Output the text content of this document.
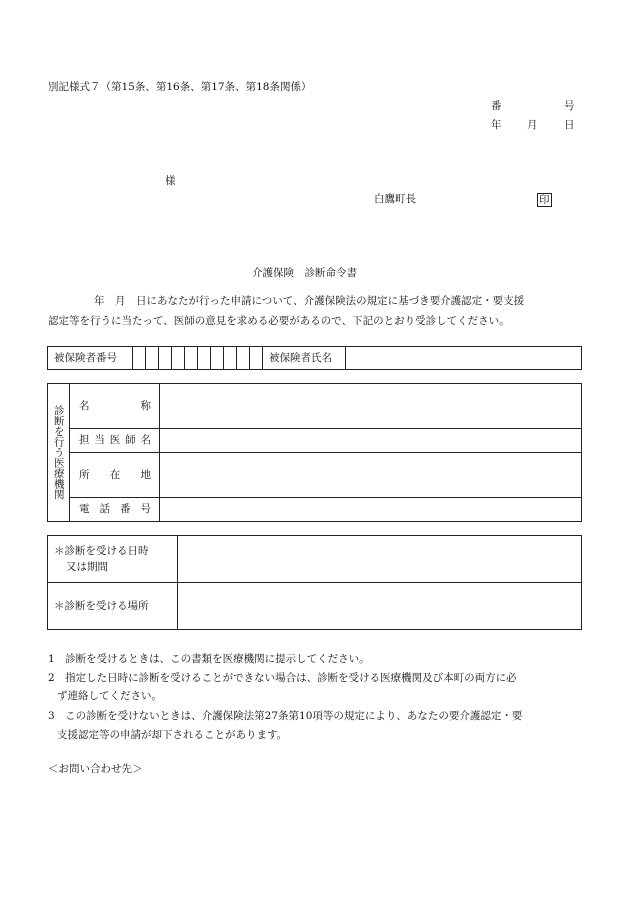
別記様式７（第15条、第16条、第17条、第18条関係）
番	号
年 月	日
様
白鷹町長	印
介護保険　診断命令書
年　月　日にあなたが行った申請について、介護保険法の規定に基づき要介護認定・要支援
認定等を行うに当たって、医師の意見を求める必要があるので、下記のとおり受診してください。
被保険者番号											被保険者氏名	
診断を行う医療機関	名 称	

	担 当 医 師 名	

	所 在 地	

	電 話 番 号	

＊診断を受ける日時
又は期間	

＊診断を受ける場所	
1　診断を受けるときは、この書類を医療機関に提示してください。
2　指定した日時に診断を受けることができない場合は、診断を受ける医療機関及び本町の両方に必
ず連絡してください。
3　この診断を受けないときは、介護保険法第27条第10項等の規定により、あなたの要介護認定・要
支援認定等の申請が却下されることがあります。
＜お問い合わせ先＞
